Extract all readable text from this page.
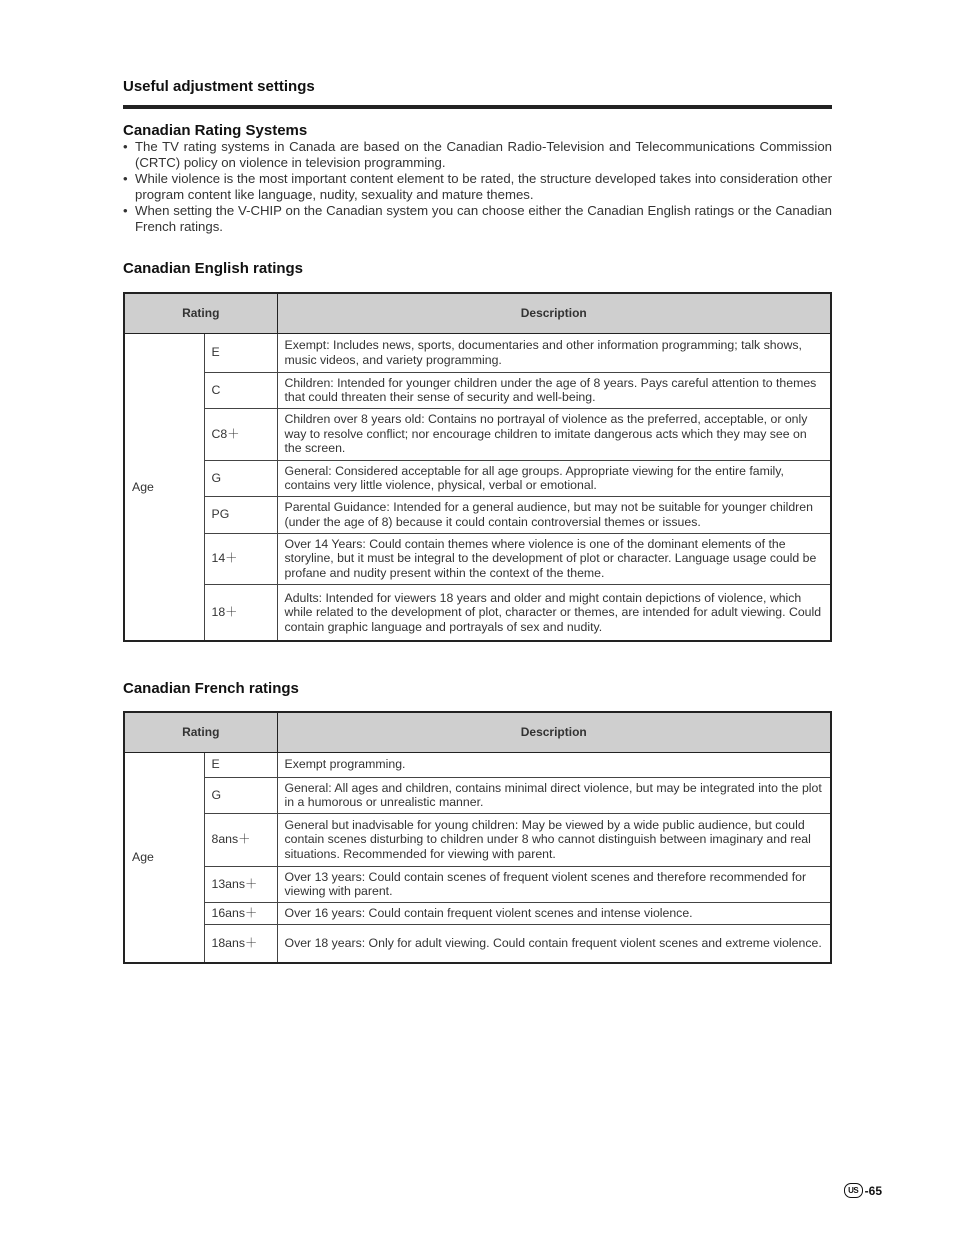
Useful adjustment settings
Canadian Rating Systems
• The TV rating systems in Canada are based on the Canadian Radio-Television and Telecommunications Commission (CRTC) policy on violence in television programming.
• While violence is the most important content element to be rated, the structure developed takes into consideration other program content like language, nudity, sexuality and mature themes.
• When setting the V-CHIP on the Canadian system you can choose either the Canadian English ratings or the Canadian French ratings.
Canadian English ratings
Rating		Description
Age	E	Exempt: Includes news, sports, documentaries and other information programming; talk shows, music videos, and variety programming.
	C	Children: Intended for younger children under the age of 8 years. Pays careful attention to themes that could threaten their sense of security and well-being.
	C8＋	Children over 8 years old: Contains no portrayal of violence as the preferred, acceptable, or only way to resolve conflict; nor encourage children to imitate dangerous acts which they may see on the screen.
	G	General: Considered acceptable for all age groups. Appropriate viewing for the entire family, contains very little violence, physical, verbal or emotional.
	PG	Parental Guidance: Intended for a general audience, but may not be suitable for younger children (under the age of 8) because it could contain controversial themes or issues.
	14＋	Over 14 Years: Could contain themes where violence is one of the dominant elements of the storyline, but it must be integral to the development of plot or character. Language usage could be profane and nudity present within the context of the theme.
	18＋	Adults: Intended for viewers 18 years and older and might contain depictions of violence, which while related to the development of plot, character or themes, are intended for adult viewing. Could contain graphic language and portrayals of sex and nudity.
Canadian French ratings
Rating		Description
Age	E	Exempt programming.
	G	General: All ages and children, contains minimal direct violence, but may be integrated into the plot in a humorous or unrealistic manner.
	8ans＋	General but inadvisable for young children: May be viewed by a wide public audience, but could contain scenes disturbing to children under 8 who cannot distinguish between imaginary and real situations. Recommended for viewing with parent.
	13ans＋	Over 13 years: Could contain scenes of frequent violent scenes and therefore recommended for viewing with parent.
	16ans＋	Over 16 years: Could contain frequent violent scenes and intense violence.
	18ans＋	Over 18 years: Only for adult viewing. Could contain frequent violent scenes and extreme violence.
US -65
